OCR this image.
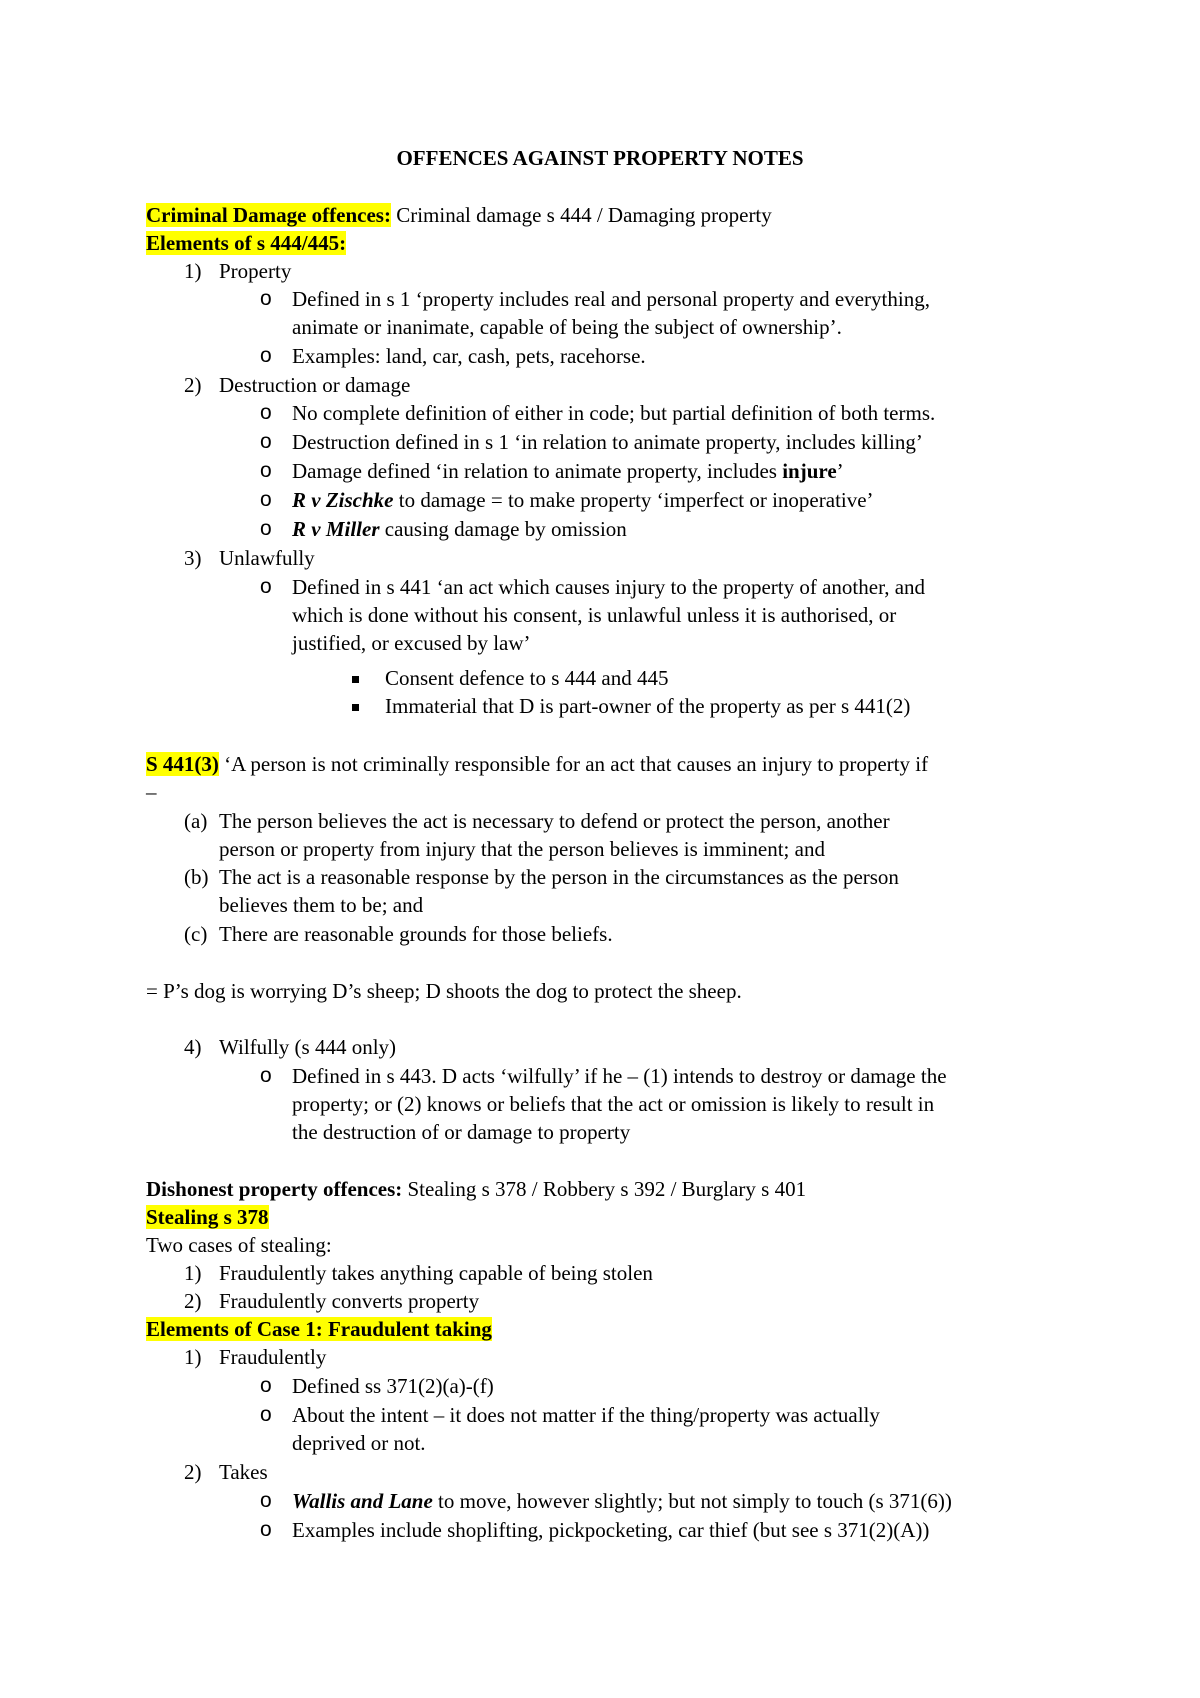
OFFENCES AGAINST PROPERTY NOTES
Criminal Damage offences: Criminal damage s 444 / Damaging property
Elements of s 444/445:
1) Property
o Defined in s 1 ‘property includes real and personal property and everything,
animate or inanimate, capable of being the subject of ownership’.
o Examples: land, car, cash, pets, racehorse.
2) Destruction or damage
o No complete definition of either in code; but partial definition of both terms.
o Destruction defined in s 1 ‘in relation to animate property, includes killing’
o Damage defined ‘in relation to animate property, includes injure’
o R v Zischke to damage = to make property ‘imperfect or inoperative’
o R v Miller causing damage by omission
3) Unlawfully
o Defined in s 441 ‘an act which causes injury to the property of another, and
which is done without his consent, is unlawful unless it is authorised, or
justified, or excused by law’
Consent defence to s 444 and 445
Immaterial that D is part-owner of the property as per s 441(2)
S 441(3) ‘A person is not criminally responsible for an act that causes an injury to property if
–
(a) The person believes the act is necessary to defend or protect the person, another
person or property from injury that the person believes is imminent; and
(b) The act is a reasonable response by the person in the circumstances as the person
believes them to be; and
(c) There are reasonable grounds for those beliefs.
= P’s dog is worrying D’s sheep; D shoots the dog to protect the sheep.
4) Wilfully (s 444 only)
o Defined in s 443. D acts ‘wilfully’ if he – (1) intends to destroy or damage the
property; or (2) knows or beliefs that the act or omission is likely to result in
the destruction of or damage to property
Dishonest property offences: Stealing s 378 / Robbery s 392 / Burglary s 401
Stealing s 378
Two cases of stealing:
1) Fraudulently takes anything capable of being stolen
2) Fraudulently converts property
Elements of Case 1: Fraudulent taking
1) Fraudulently
o Defined ss 371(2)(a)-(f)
o About the intent – it does not matter if the thing/property was actually
deprived or not.
2) Takes
o Wallis and Lane to move, however slightly; but not simply to touch (s 371(6))
o Examples include shoplifting, pickpocketing, car thief (but see s 371(2)(A))
